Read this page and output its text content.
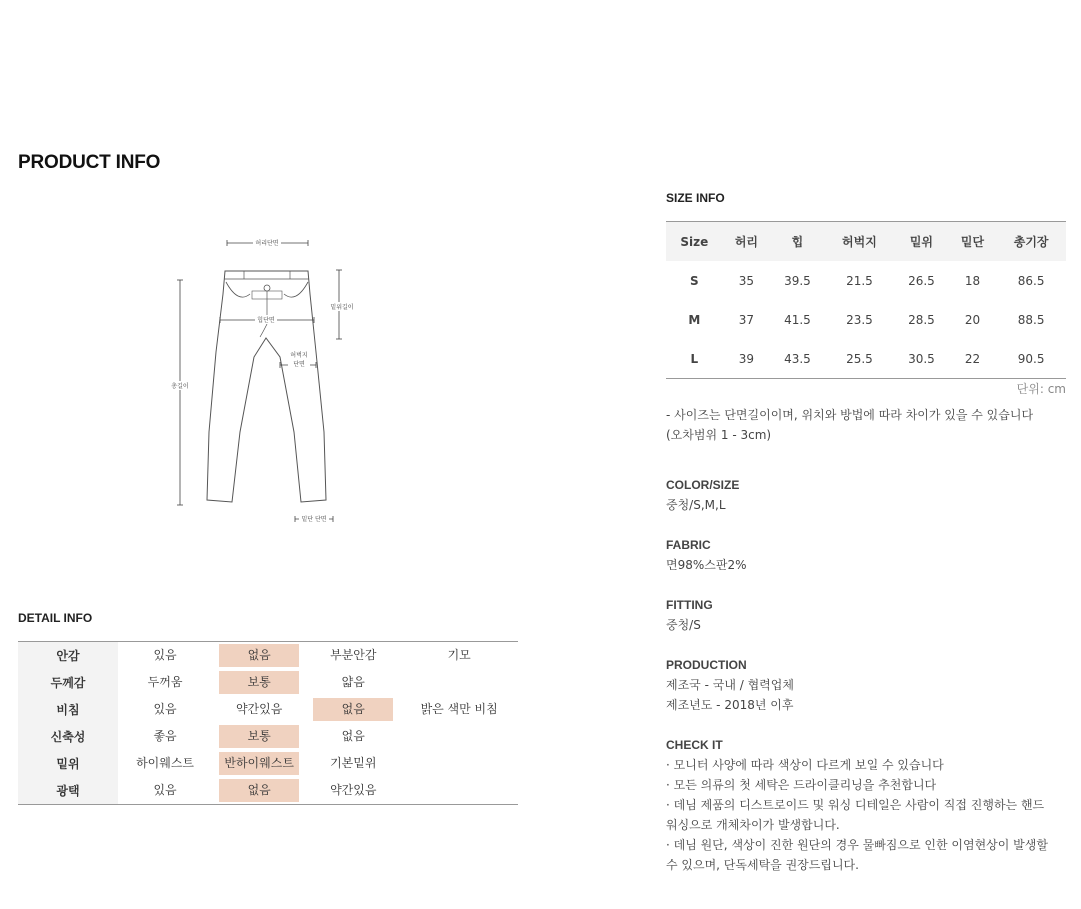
PRODUCT INFO
허리단면
밑위길이
힙단면
허벅지
단면
총길이
밑단 단면
DETAIL INFO
안감	있음	없음	부분안감	기모
두께감	두꺼움	보통	얇음	
비침	있음	약간있음	없음	밝은 색만 비침
신축성	좋음	보통	없음	
밑위	하이웨스트	반하이웨스트	기본밑위	
광택	있음	없음	약간있음	
SIZE INFO
Size	허리	힙	허벅지	밑위	밑단	총기장
S	35	39.5	21.5	26.5	18	86.5
M	37	41.5	23.5	28.5	20	88.5
L	39	43.5	25.5	30.5	22	90.5
단위: cm
- 사이즈는 단면길이이며, 위치와 방법에 따라 차이가 있을 수 있습니다
(오차범위 1 - 3cm)
COLOR/SIZE

중청/S,M,L

FABRIC

면98%스판2%

FITTING

중청/S

PRODUCTION

제조국 - 국내 / 협력업체

제조년도 - 2018년 이후

CHECK IT

· 모니터 사양에 따라 색상이 다르게 보일 수 있습니다

· 모든 의류의 첫 세탁은 드라이클리닝을 추천합니다

· 데님 제품의 디스트로이드 및 워싱 디테일은 사람이 직접 진행하는 핸드

워싱으로 개체차이가 발생합니다.

· 데님 원단, 색상이 진한 원단의 경우 물빠짐으로 인한 이염현상이 발생할

수 있으며, 단독세탁을 권장드립니다.
